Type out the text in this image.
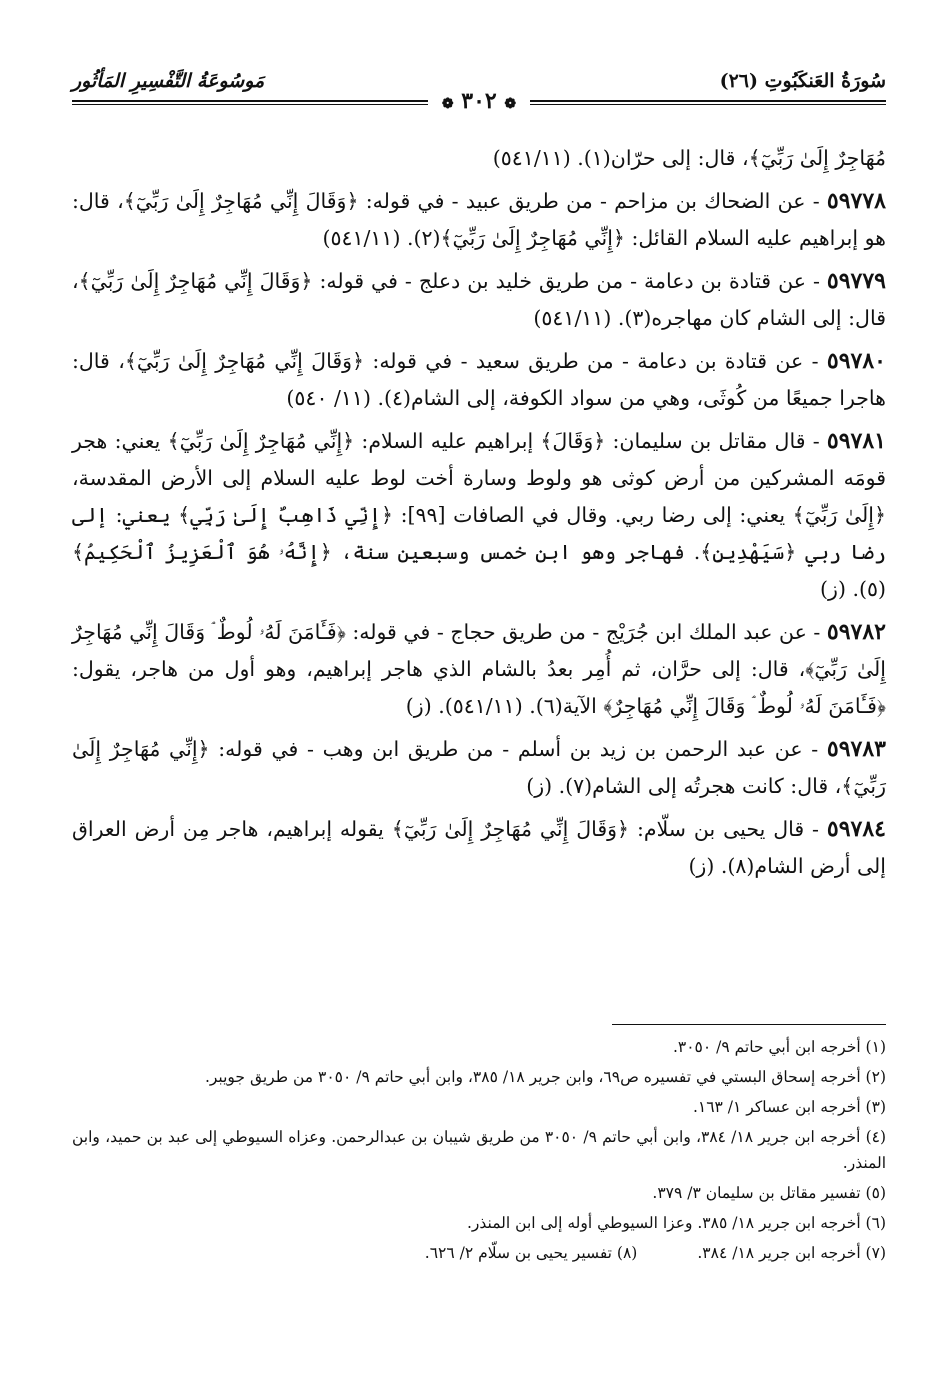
سُورَةُ العَنكَبُوتِ (٢٦)
مَوسُوعَةُ التَّفْسِيرِ المَأثُور
❁ ٣٠٢ ❁

مُهَاجِرٌ إِلَىٰ رَبِّيٓ﴾، قال: إلى حرّان(١). (٥٤١/١١)

٥٩٧٧٨ - عن الضحاك بن مزاحم - من طريق عبيد - في قوله: ﴿وَقَالَ إِنِّي مُهَاجِرٌ إِلَىٰ رَبِّيٓ﴾، قال: هو إبراهيم عليه السلام القائل: ﴿إِنِّي مُهَاجِرٌ إِلَىٰ رَبِّيٓ﴾(٢). (٥٤١/١١)

٥٩٧٧٩ - عن قتادة بن دعامة - من طريق خليد بن دعلج - في قوله: ﴿وَقَالَ إِنِّي مُهَاجِرٌ إِلَىٰ رَبِّيٓ﴾، قال: إلى الشام كان مهاجره(٣). (٥٤١/١١)

٥٩٧٨٠ - عن قتادة بن دعامة - من طريق سعيد - في قوله: ﴿وَقَالَ إِنِّي مُهَاجِرٌ إِلَىٰ رَبِّيٓ﴾، قال: هاجرا جميعًا من كُوثَى، وهي من سواد الكوفة، إلى الشام(٤). (١١/ ٥٤٠)

٥٩٧٨١ - قال مقاتل بن سليمان: ﴿وَقَالَ﴾ إبراهيم عليه السلام: ﴿إِنِّي مُهَاجِرٌ إِلَىٰ رَبِّيٓ﴾ يعني: هجر قومَه المشركين من أرض كوثى هو ولوط وسارة أخت لوط عليه السلام إلى الأرض المقدسة، ﴿إِلَىٰ رَبِّيٓ﴾ يعني: إلى رضا ربي. وقال في الصافات [٩٩]: ﴿إِنِّي ذَاهِبٌ إِلَىٰ رَبِّي﴾ يعني: إلى رضا ربي ﴿سَيَهْدِينِ﴾. فهاجر وهو ابن خمس وسبعين سنة، ﴿إِنَّهُۥ هُوَ ٱلْعَزِيزُ ٱلْحَكِيمُ﴾(٥). (ز)

٥٩٧٨٢ - عن عبد الملك ابن جُرَيْج - من طريق حجاج - في قوله: ﴿فَـَٔامَنَ لَهُۥ لُوطٌ ۘ وَقَالَ إِنِّي مُهَاجِرٌ إِلَىٰ رَبِّيٓ﴾، قال: إلى حرَّان، ثم أُمِر بعدُ بالشام الذي هاجر إبراهيم، وهو أول من هاجر، يقول: ﴿فَـَٔامَنَ لَهُۥ لُوطٌ ۘ وَقَالَ إِنِّي مُهَاجِرٌ﴾ الآية(٦). (٥٤١/١١). (ز)

٥٩٧٨٣ - عن عبد الرحمن بن زيد بن أسلم - من طريق ابن وهب - في قوله: ﴿إِنِّي مُهَاجِرٌ إِلَىٰ رَبِّيٓ﴾، قال: كانت هجرتُه إلى الشام(٧). (ز)

٥٩٧٨٤ - قال يحيى بن سلّام: ﴿وَقَالَ إِنِّي مُهَاجِرٌ إِلَىٰ رَبِّيٓ﴾ يقوله إبراهيم، هاجر مِن أرض العراق إلى أرض الشام(٨). (ز)

(١) أخرجه ابن أبي حاتم ٩/ ٣٠٥٠.

(٢) أخرجه إسحاق البستي في تفسيره ص٦٩، وابن جرير ١٨/ ٣٨٥، وابن أبي حاتم ٩/ ٣٠٥٠ من طريق جويبر.

(٣) أخرجه ابن عساكر ١/ ١٦٣.

(٤) أخرجه ابن جرير ١٨/ ٣٨٤، وابن أبي حاتم ٩/ ٣٠٥٠ من طريق شيبان بن عبدالرحمن. وعزاه السيوطي إلى عبد بن حميد، وابن المنذر.

(٥) تفسير مقاتل بن سليمان ٣/ ٣٧٩.

(٦) أخرجه ابن جرير ١٨/ ٣٨٥. وعزا السيوطي أوله إلى ابن المنذر.

(٧) أخرجه ابن جرير ١٨/ ٣٨٤.
(٨) تفسير يحيى بن سلّام ٢/ ٦٢٦.
